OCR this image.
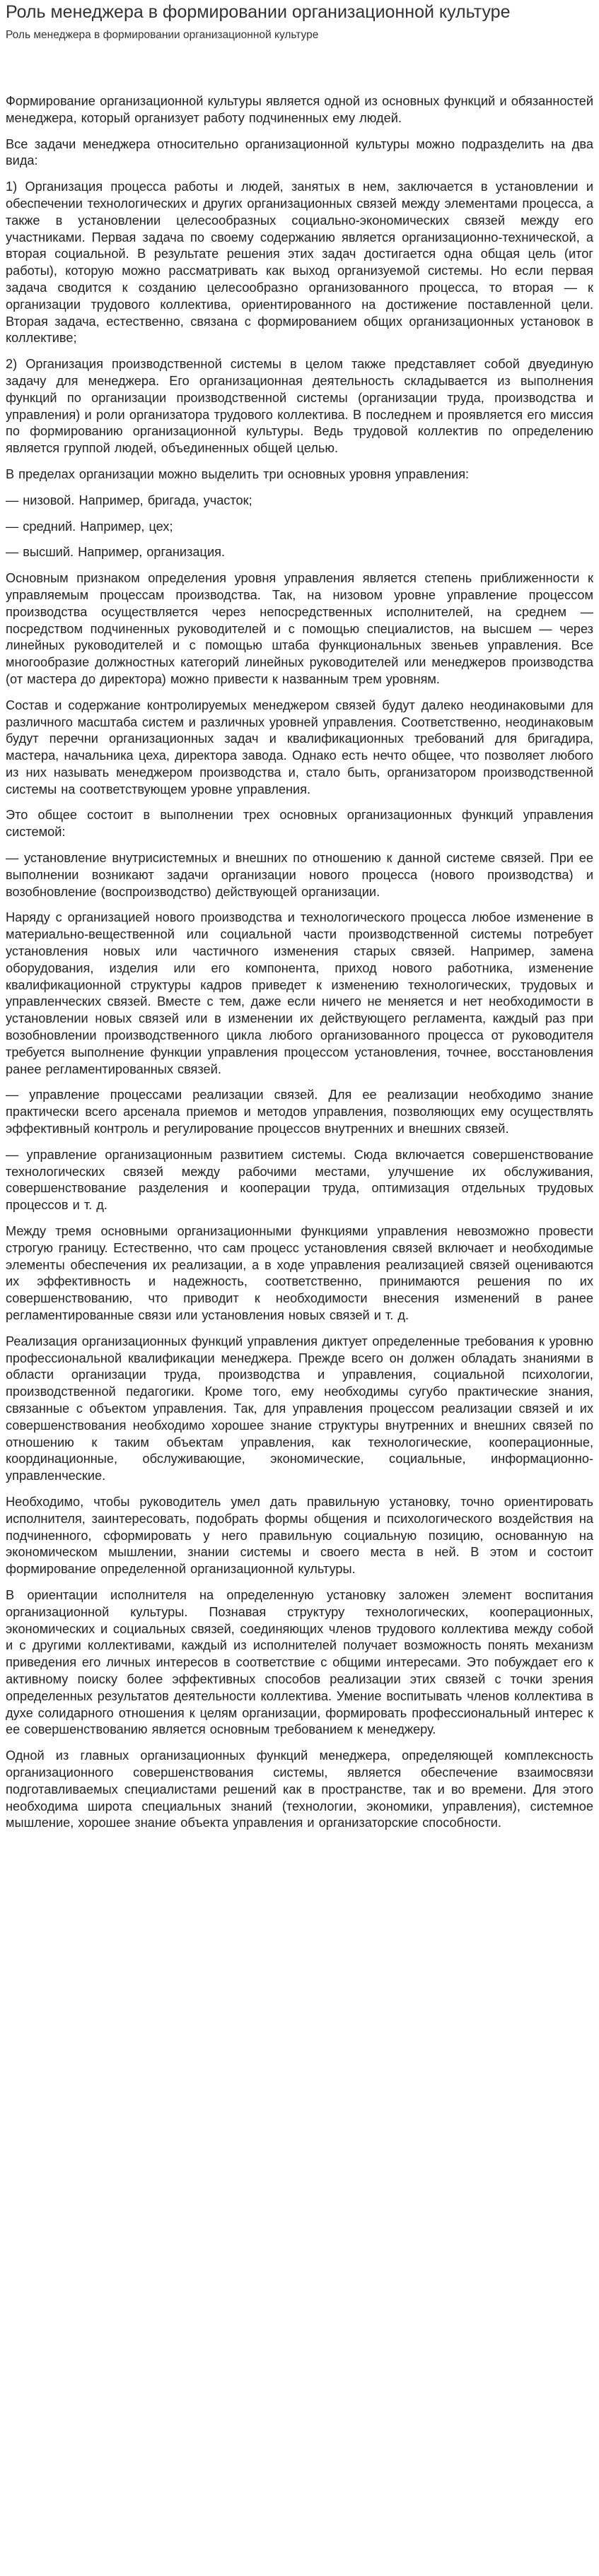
Роль менеджера в формировании организационной культуре

Роль менеджера в формировании организационной культуре

Формирование организационной культуры является одной из основных функций и обязанностей менеджера, который организует работу подчиненных ему людей.

Все задачи менеджера относительно организационной культуры можно подразделить на два вида:

1) Организация процесса работы и людей, занятых в нем, заключается в установлении и обеспечении технологических и других организационных связей между элементами процесса, а также в установлении целесообразных социально-экономических связей между его участниками. Первая задача по своему содержанию является организационно-технической, а вторая социальной. В результате решения этих задач достигается одна общая цель (итог работы), которую можно рассматривать как выход организуемой системы. Но если первая задача сводится к созданию целесообразно организованного процесса, то вторая — к организации трудового коллектива, ориентированного на достижение поставленной цели. Вторая задача, естественно, связана с формированием общих организационных установок в коллективе;

2) Организация производственной системы в целом также представляет собой двуединую задачу для менеджера. Его организационная деятельность складывается из выполнения функций по организации производственной системы (организации труда, производства и управления) и роли организатора трудового коллектива. В последнем и проявляется его миссия по формированию организационной культуры. Ведь трудовой коллектив по определению является группой людей, объединенных общей целью.

В пределах организации можно выделить три основных уровня управления:

— низовой. Например, бригада, участок;

— средний. Например, цех;

— высший. Например, организация.

Основным признаком определения уровня управления является степень приближенности к управляемым процессам производства. Так, на низовом уровне управление процессом производства осуществляется через непосредственных исполнителей, на среднем — посредством подчиненных руководителей и с помощью специалистов, на высшем — через линейных руководителей и с помощью штаба функциональных звеньев управления. Все многообразие должностных категорий линейных руководителей или менеджеров производства (от мастера до директора) можно привести к названным трем уровням.

Состав и содержание контролируемых менеджером связей будут далеко неодинаковыми для различного масштаба систем и различных уровней управления. Соответственно, неодинаковым будут перечни организационных задач и квалификационных требований для бригадира, мастера, начальника цеха, директора завода. Однако есть нечто общее, что позволяет любого из них называть менеджером производства и, стало быть, организатором производственной системы на соответствующем уровне управления.

Это общее состоит в выполнении трех основных организационных функций управления системой:

— установление внутрисистемных и внешних по отношению к данной системе связей. При ее выполнении возникают задачи организации нового процесса (нового производства) и возобновление (воспроизводство) действующей организации.

Наряду с организацией нового производства и технологического процесса любое изменение в материально-вещественной или социальной части производственной системы потребует установления новых или частичного изменения старых связей. Например, замена оборудования, изделия или его компонента, приход нового работника, изменение квалификационной структуры кадров приведет к изменению технологических, трудовых и управленческих связей. Вместе с тем, даже если ничего не меняется и нет необходимости в установлении новых связей или в изменении их действующего регламента, каждый раз при возобновлении производственного цикла любого организованного процесса от руководителя требуется выполнение функции управления процессом установления, точнее, восстановления ранее регламентированных связей.

— управление процессами реализации связей. Для ее реализации необходимо знание практически всего арсенала приемов и методов управления, позволяющих ему осуществлять эффективный контроль и регулирование процессов внутренних и внешних связей.

— управление организационным развитием системы. Сюда включается совершенствование технологических связей между рабочими местами, улучшение их обслуживания, совершенствование разделения и кооперации труда, оптимизация отдельных трудовых процессов и т. д.

Между тремя основными организационными функциями управления невозможно провести строгую границу. Естественно, что сам процесс установления связей включает и необходимые элементы обеспечения их реализации, а в ходе управления реализацией связей оцениваются их эффективность и надежность, соответственно, принимаются решения по их совершенствованию, что приводит к необходимости внесения изменений в ранее регламентированные связи или установления новых связей и т. д.

Реализация организационных функций управления диктует определенные требования к уровню профессиональной квалификации менеджера. Прежде всего он должен обладать знаниями в области организации труда, производства и управления, социальной психологии, производственной педагогики. Кроме того, ему необходимы сугубо практические знания, связанные с объектом управления. Так, для управления процессом реализации связей и их совершенствования необходимо хорошее знание структуры внутренних и внешних связей по отношению к таким объектам управления, как технологические, кооперационные, координационные, обслуживающие, экономические, социальные, информационно-управленческие.

Необходимо, чтобы руководитель умел дать правильную установку, точно ориентировать исполнителя, заинтересовать, подобрать формы общения и психологического воздействия на подчиненного, сформировать у него правильную социальную позицию, основанную на экономическом мышлении, знании системы и своего места в ней. В этом и состоит формирование определенной организационной культуры.

В ориентации исполнителя на определенную установку заложен элемент воспитания организационной культуры. Познавая структуру технологических, кооперационных, экономических и социальных связей, соединяющих членов трудового коллектива между собой и с другими коллективами, каждый из исполнителей получает возможность понять механизм приведения его личных интересов в соответствие с общими интересами. Это побуждает его к активному поиску более эффективных способов реализации этих связей с точки зрения определенных результатов деятельности коллектива. Умение воспитывать членов коллектива в духе солидарного отношения к целям организации, формировать профессиональный интерес к ее совершенствованию является основным требованием к менеджеру.

Одной из главных организационных функций менеджера, определяющей комплексность организационного совершенствования системы, является обеспечение взаимосвязи подготавливаемых специалистами решений как в пространстве, так и во времени. Для этого необходима широта специальных знаний (технологии, экономики, управления), системное мышление, хорошее знание объекта управления и организаторские способности.
